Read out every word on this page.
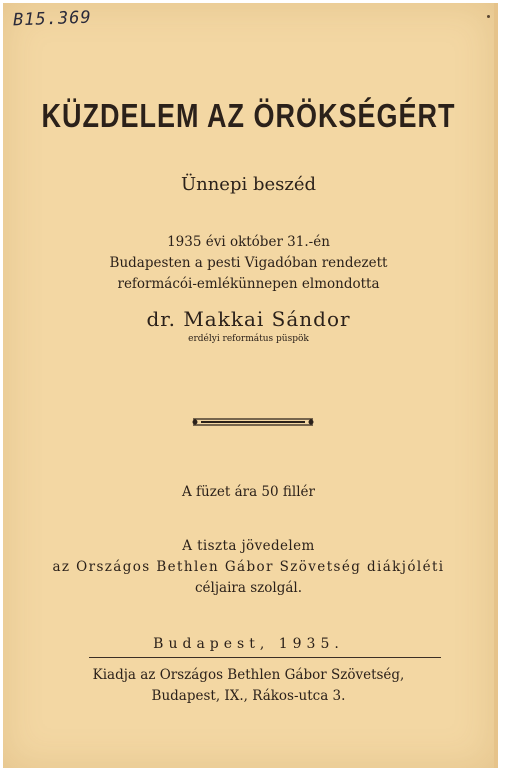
B15.369
KÜZDELEM AZ ÖRÖKSÉGÉRT
Ünnepi beszéd
1935 évi október 31.-én
Budapesten a pesti Vigadóban rendezett
reformácói-emlékünnepen elmondotta
dr. Makkai Sándor
erdélyi református püspök
A füzet ára 50 fillér
A tiszta jövedelem
az Országos Bethlen Gábor Szövetség diákjóléti
céljaira szolgál.
Budapest, 1935.
Kiadja az Országos Bethlen Gábor Szövetség,
Budapest, IX., Rákos-utca 3.
